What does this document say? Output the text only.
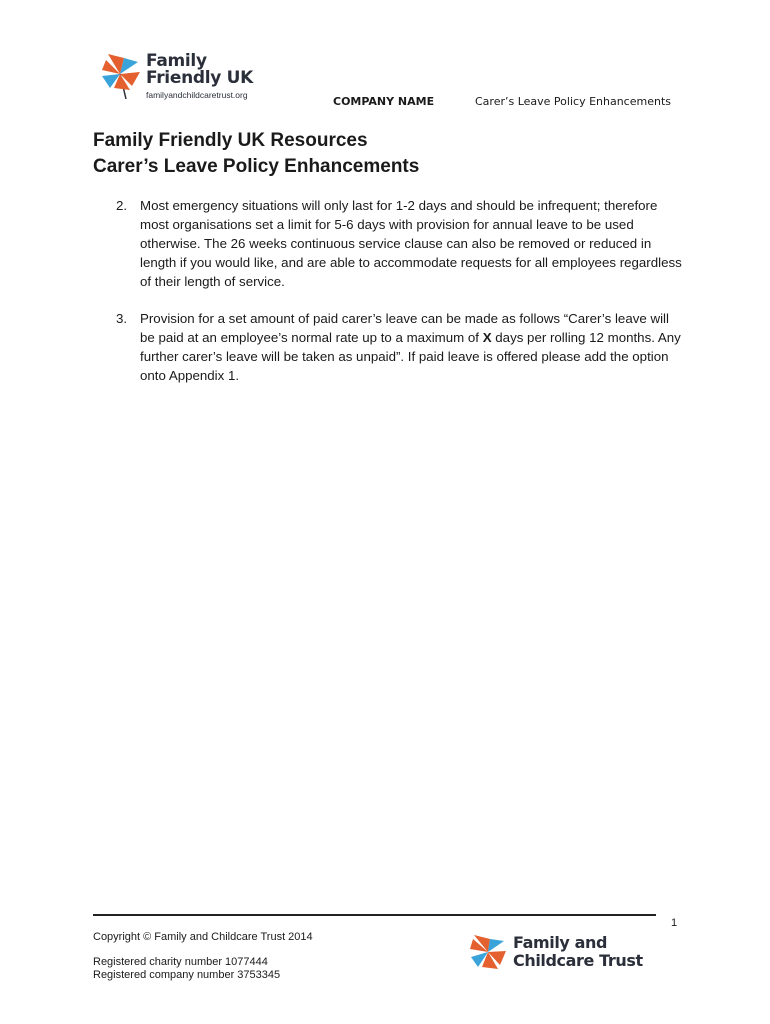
Family
Friendly UK
familyandchildcaretrust.org	COMPANY NAME	Carer’s Leave Policy Enhancements
Family Friendly UK Resources
Carer’s Leave Policy Enhancements
2. Most emergency situations will only last for 1-2 days and should be infrequent; therefore most organisations set a limit for 5-6 days with provision for annual leave to be used otherwise. The 26 weeks continuous service clause can also be removed or reduced in length if you would like, and are able to accommodate requests for all employees regardless of their length of service.
3. Provision for a set amount of paid carer’s leave can be made as follows “Carer’s leave will be paid at an employee’s normal rate up to a maximum of X days per rolling 12 months. Any further carer’s leave will be taken as unpaid”. If paid leave is offered please add the option onto Appendix 1.
1
Copyright © Family and Childcare Trust 2014
Registered charity number 1077444
Registered company number 3753345
Family and
Childcare Trust
